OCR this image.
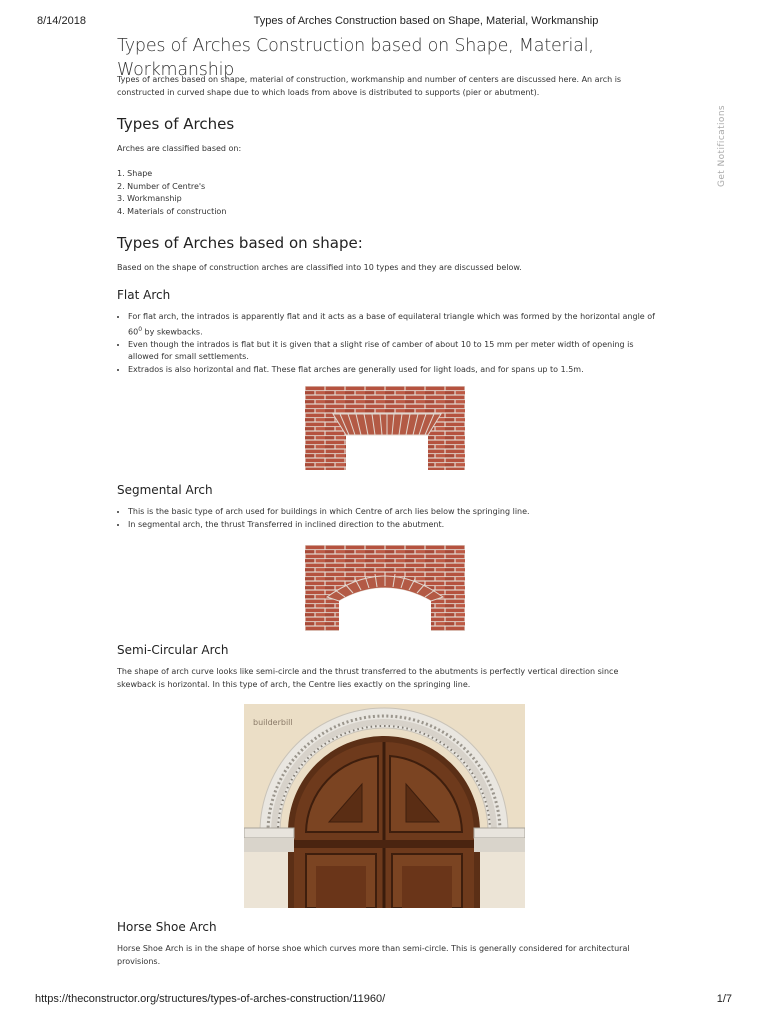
8/14/2018	Types of Arches Construction based on Shape, Material, Workmanship
Get Notifications
Types of Arches Construction based on Shape, Material, Workmanship

Types of arches based on shape, material of construction, workmanship and number of centers are discussed here. An arch is constructed in curved shape due to which loads from above is distributed to supports (pier or abutment).

Types of Arches

Arches are classified based on:

1. Shape
2. Number of Centre's
3. Workmanship
4. Materials of construction
Types of Arches based on shape:

Based on the shape of construction arches are classified into 10 types and they are discussed below.

Flat Arch
• For flat arch, the intrados is apparently flat and it acts as a base of equilateral triangle which was formed by the horizontal angle of $60^0$ by skewbacks.
• Even though the intrados is flat but it is given that a slight rise of camber of about 10 to 15 mm per meter width of opening is allowed for small settlements.
• Extrados is also horizontal and flat. These flat arches are generally used for light loads, and for spans up to 1.5m.
Segmental Arch
• This is the basic type of arch used for buildings in which Centre of arch lies below the springing line.
• In segmental arch, the thrust Transferred in inclined direction to the abutment.
Semi-Circular Arch

The shape of arch curve looks like semi-circle and the thrust transferred to the abutments is perfectly vertical direction since skewback is horizontal. In this type of arch, the Centre lies exactly on the springing line.

builderbill
Horse Shoe Arch

Horse Shoe Arch is in the shape of horse shoe which curves more than semi-circle. This is generally considered for architectural provisions.

https://theconstructor.org/structures/types-of-arches-construction/11960/	1/7
